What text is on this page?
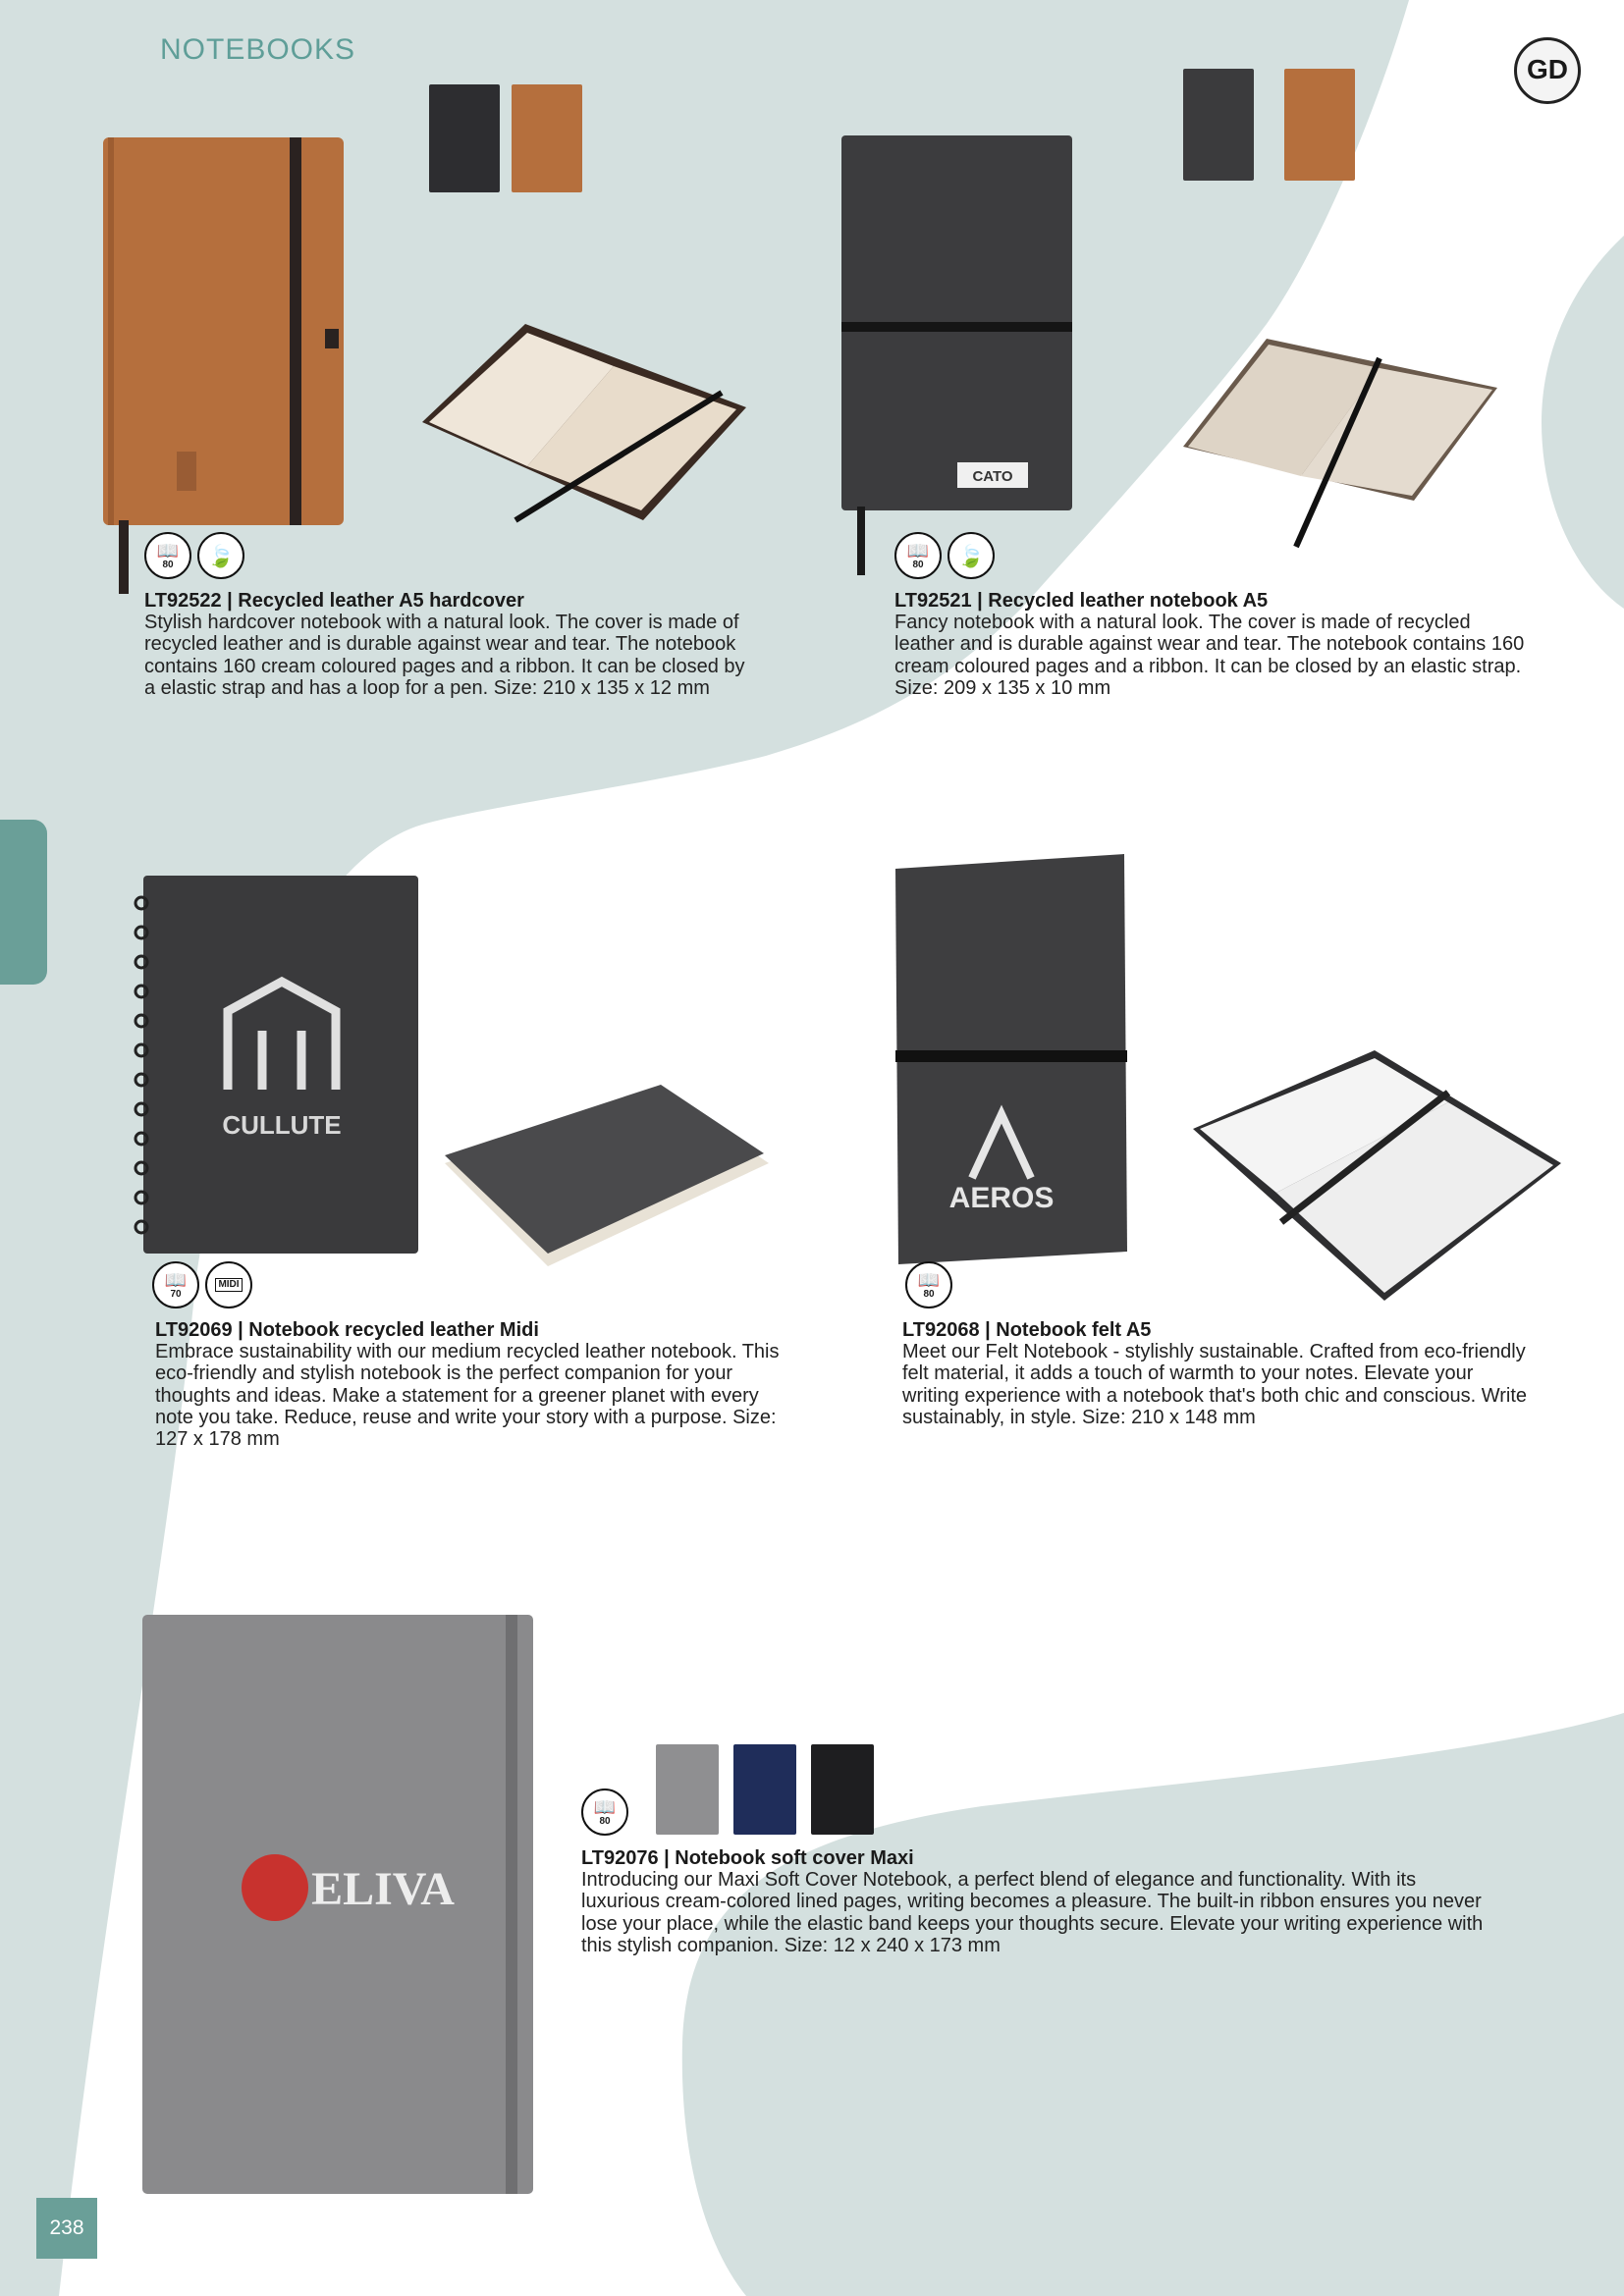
NOTEBOOKS
GD
238
📖
80 🍃

LT92522 | Recycled leather A5 hardcover

Stylish hardcover notebook with a natural look. The cover is made of recycled leather and is durable against wear and tear. The notebook contains 160 cream coloured pages and a ribbon. It can be closed by a elastic strap and has a loop for a pen. Size: 210 x 135 x 12 mm

CATO
📖
80 🍃

LT92521 | Recycled leather notebook A5

Fancy notebook with a natural look. The cover is made of recycled leather and is durable against wear and tear. The notebook contains 160 cream coloured pages and a ribbon. It can be closed by an elastic strap. Size: 209 x 135 x 10 mm

CULLUTE
📖
70
MIDI

LT92069 | Notebook recycled leather Midi

Embrace sustainability with our medium recycled leather notebook. This eco-friendly and stylish notebook is the perfect companion for your thoughts and ideas. Make a statement for a greener planet with every note you take. Reduce, reuse and write your story with a purpose. Size: 127 x 178 mm

AEROS
📖
80

LT92068 | Notebook felt A5

Meet our Felt Notebook - stylishly sustainable. Crafted from eco-friendly felt material, it adds a touch of warmth to your notes. Elevate your writing experience with a notebook that's both chic and conscious. Write sustainably, in style. Size: 210 x 148 mm

ELIVA
📖
80

LT92076 | Notebook soft cover Maxi

Introducing our Maxi Soft Cover Notebook, a perfect blend of elegance and functionality. With its luxurious cream-colored lined pages, writing becomes a pleasure. The built-in ribbon ensures you never lose your place, while the elastic band keeps your thoughts secure. Elevate your writing experience with this stylish companion. Size: 12 x 240 x 173 mm
